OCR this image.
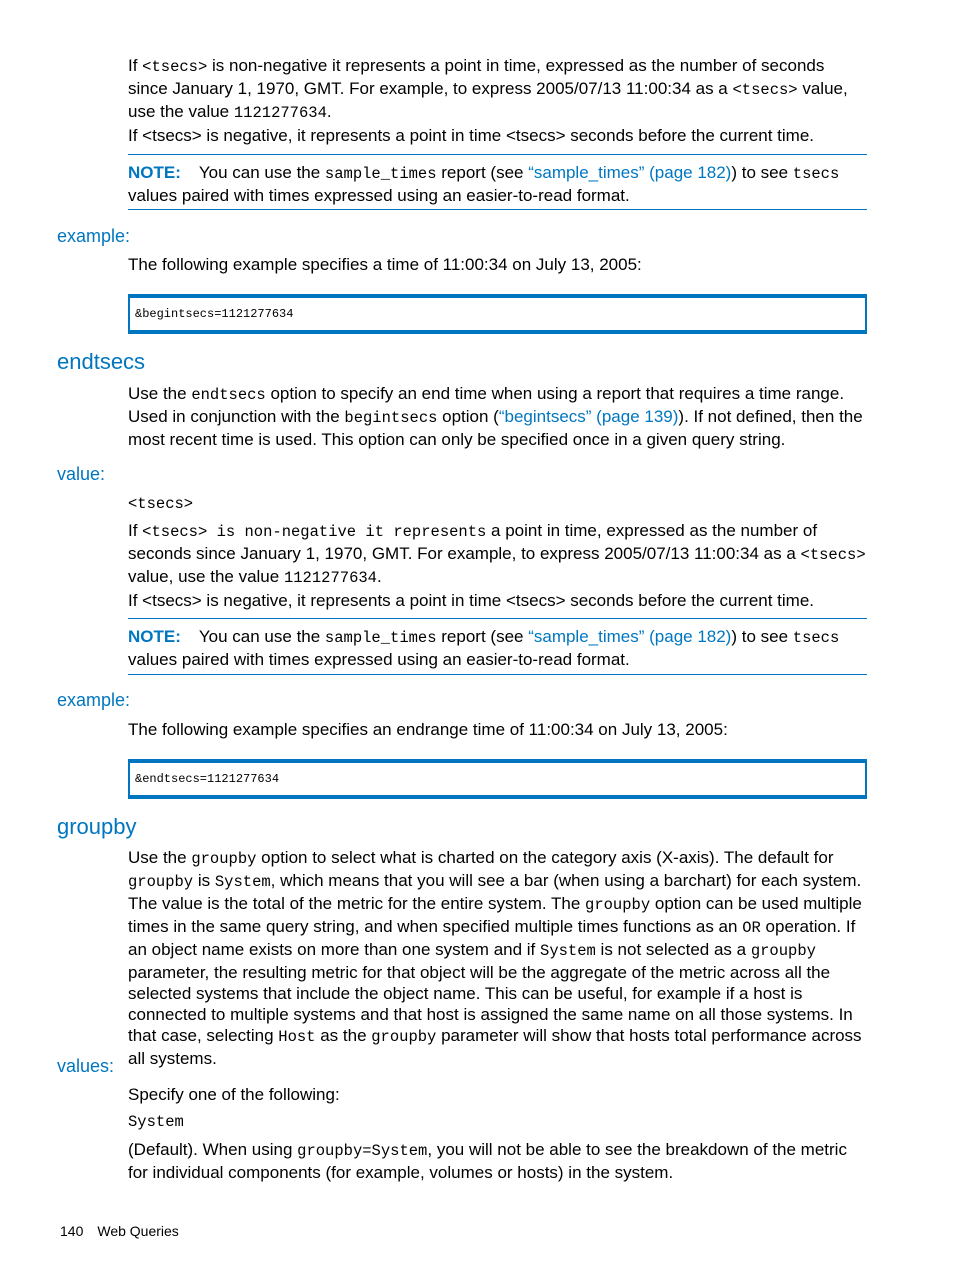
If <tsecs> is non-negative it represents a point in time, expressed as the number of seconds since January 1, 1970, GMT. For example, to express 2005/07/13 11:00:34 as a <tsecs> value, use the value 1121277634.
If <tsecs> is negative, it represents a point in time <tsecs> seconds before the current time.
NOTE: You can use the sample_times report (see “sample_times” (page 182)) to see tsecs values paired with times expressed using an easier-to-read format.
example:
The following example specifies a time of 11:00:34 on July 13, 2005:
&begintsecs=1121277634
endtsecs
Use the endtsecs option to specify an end time when using a report that requires a time range. Used in conjunction with the begintsecs option (“begintsecs” (page 139)). If not defined, then the most recent time is used. This option can only be specified once in a given query string.
value:
<tsecs>
If <tsecs> is non-negative it represents a point in time, expressed as the number of seconds since January 1, 1970, GMT. For example, to express 2005/07/13 11:00:34 as a <tsecs> value, use the value 1121277634.
If <tsecs> is negative, it represents a point in time <tsecs> seconds before the current time.
NOTE: You can use the sample_times report (see “sample_times” (page 182)) to see tsecs values paired with times expressed using an easier-to-read format.
example:
The following example specifies an endrange time of 11:00:34 on July 13, 2005:
&endtsecs=1121277634
groupby
Use the groupby option to select what is charted on the category axis (X-axis). The default for groupby is System, which means that you will see a bar (when using a barchart) for each system. The value is the total of the metric for the entire system. The groupby option can be used multiple times in the same query string, and when specified multiple times functions as an OR operation. If an object name exists on more than one system and if System is not selected as a groupby parameter, the resulting metric for that object will be the aggregate of the metric across all the selected systems that include the object name. This can be useful, for example if a host is connected to multiple systems and that host is assigned the same name on all those systems. In that case, selecting Host as the groupby parameter will show that hosts total performance across all systems.
values:
Specify one of the following:
System
(Default). When using groupby=System, you will not be able to see the breakdown of the metric for individual components (for example, volumes or hosts) in the system.
140 Web Queries
